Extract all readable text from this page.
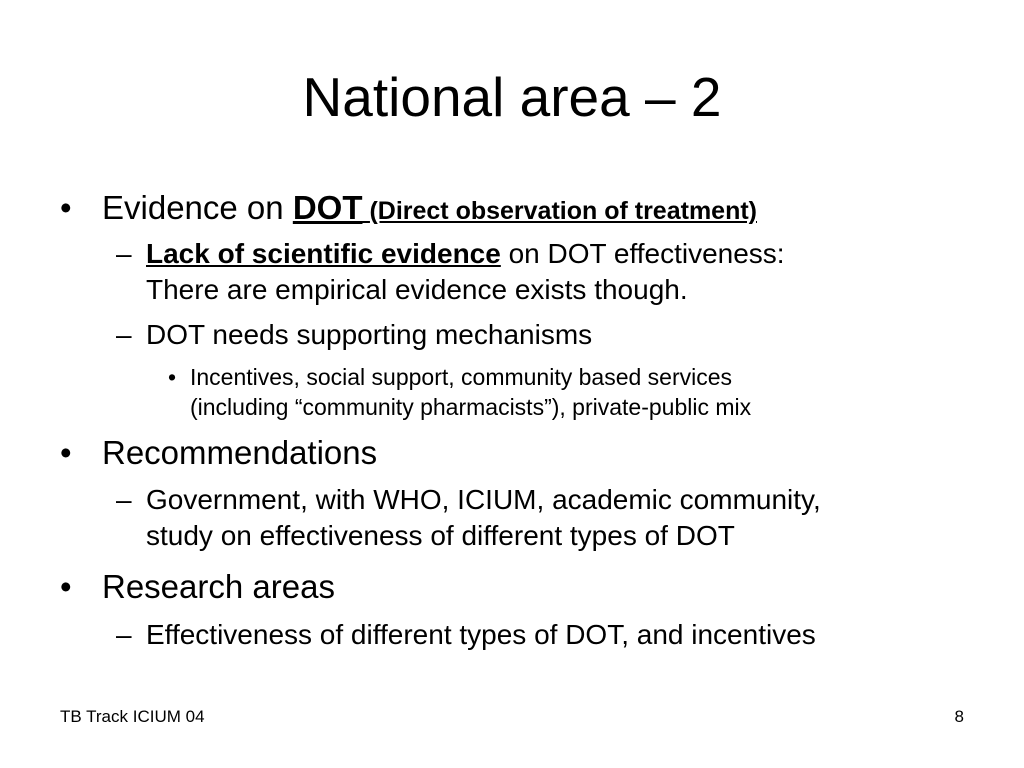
National area – 2
• Evidence on DOT (Direct observation of treatment)
– Lack of scientific evidence on DOT effectiveness:
There are empirical evidence exists though.
– DOT needs supporting mechanisms
• Incentives, social support, community based services
(including “community pharmacists”), private-public mix
• Recommendations
– Government, with WHO, ICIUM, academic community,
study on effectiveness of different types of DOT
• Research areas
– Effectiveness of different types of DOT, and incentives
TB Track ICIUM 04	8
